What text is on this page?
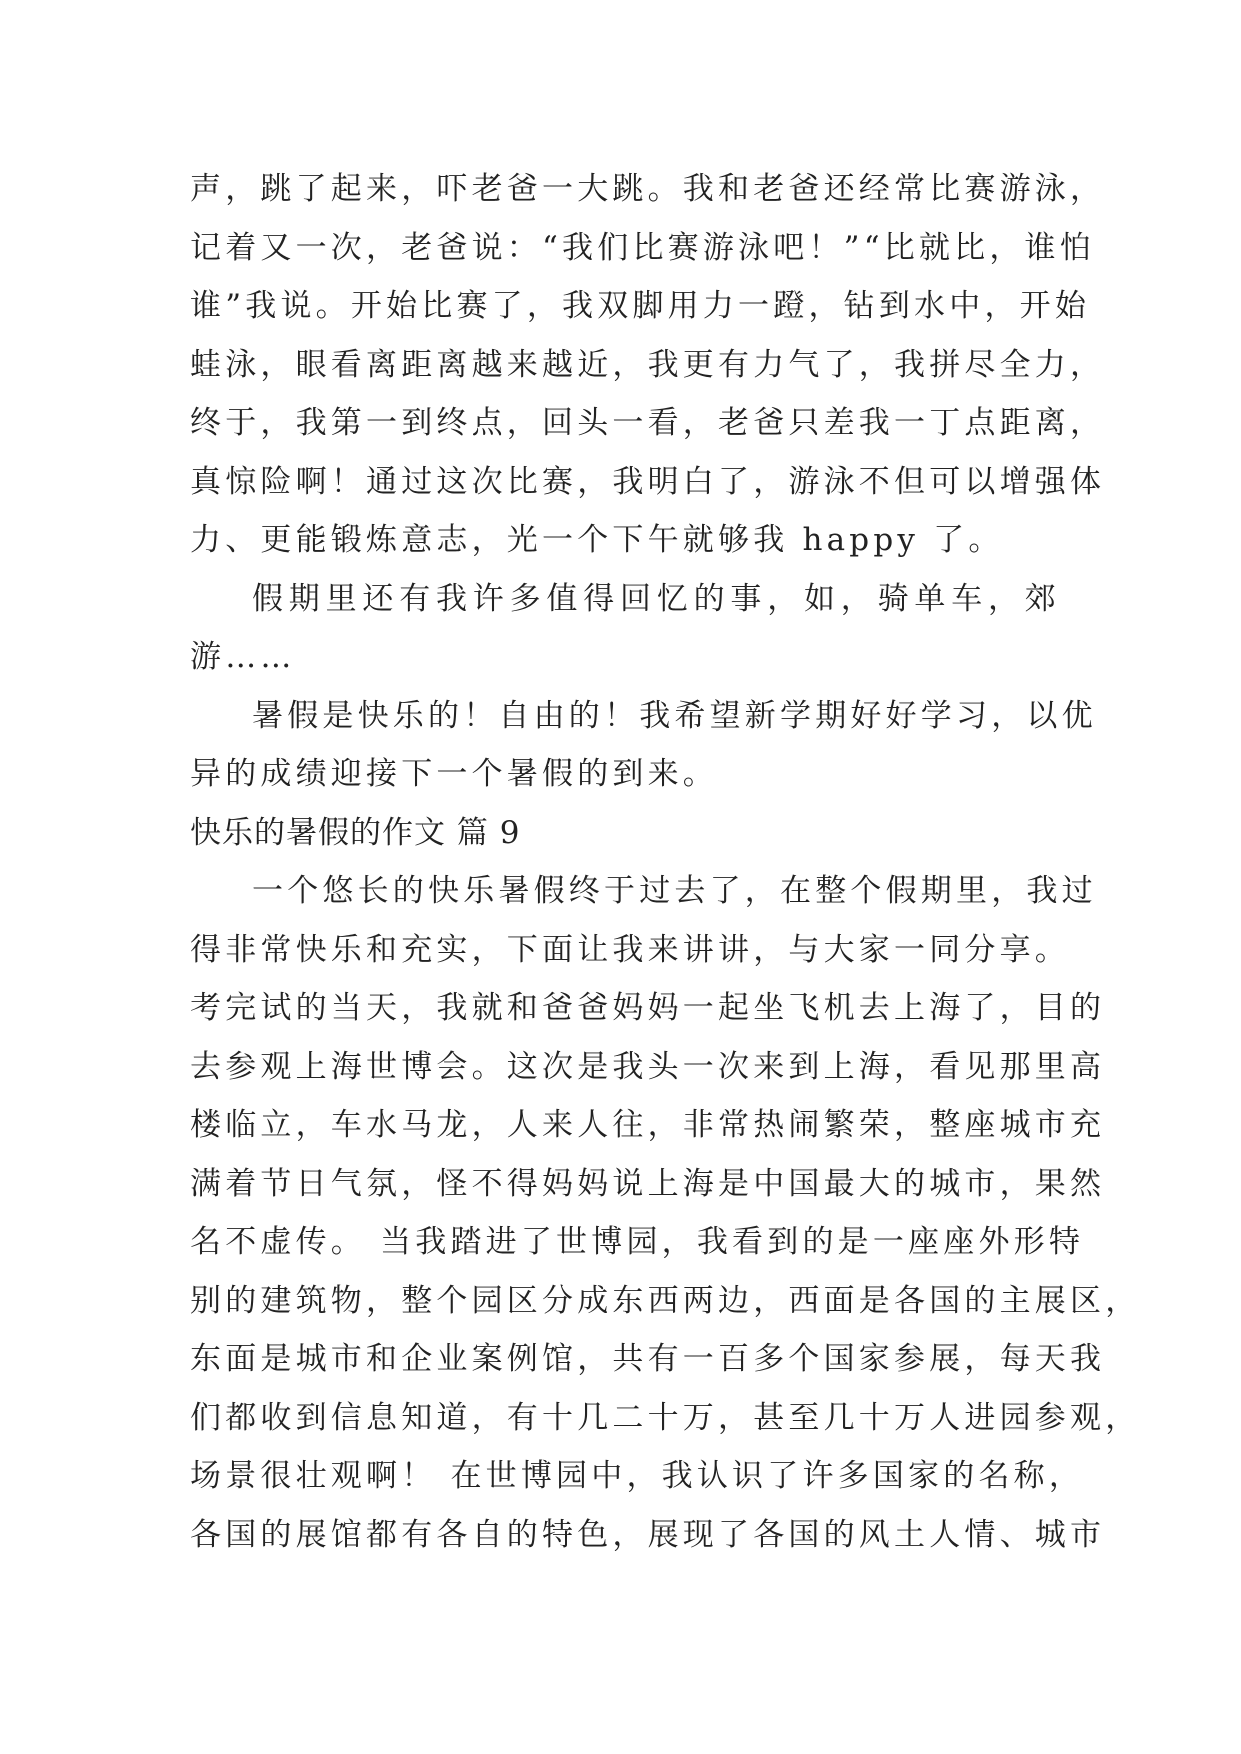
声，跳了起来，吓老爸一大跳。我和老爸还经常比赛游泳，
记着又一次，老爸说：“我们比赛游泳吧！”“比就比，谁怕
谁”我说。开始比赛了，我双脚用力一蹬，钻到水中，开始
蛙泳，眼看离距离越来越近，我更有力气了，我拼尽全力，
终于，我第一到终点，回头一看，老爸只差我一丁点距离，
真惊险啊！通过这次比赛，我明白了，游泳不但可以增强体
力、更能锻炼意志，光一个下午就够我 happy 了。
假期里还有我许多值得回忆的事，如，骑单车，郊
游……
暑假是快乐的！自由的！我希望新学期好好学习，以优
异的成绩迎接下一个暑假的到来。
快乐的暑假的作文 篇 9
一个悠长的快乐暑假终于过去了，在整个假期里，我过
得非常快乐和充实，下面让我来讲讲，与大家一同分享。
考完试的当天，我就和爸爸妈妈一起坐飞机去上海了，目的
去参观上海世博会。这次是我头一次来到上海，看见那里高
楼临立，车水马龙，人来人往，非常热闹繁荣，整座城市充
满着节日气氛，怪不得妈妈说上海是中国最大的城市，果然
名不虚传。 当我踏进了世博园，我看到的是一座座外形特
别的建筑物，整个园区分成东西两边，西面是各国的主展区，
东面是城市和企业案例馆，共有一百多个国家参展，每天我
们都收到信息知道，有十几二十万，甚至几十万人进园参观，
场景很壮观啊！ 在世博园中，我认识了许多国家的名称，
各国的展馆都有各自的特色，展现了各国的风土人情、城市
